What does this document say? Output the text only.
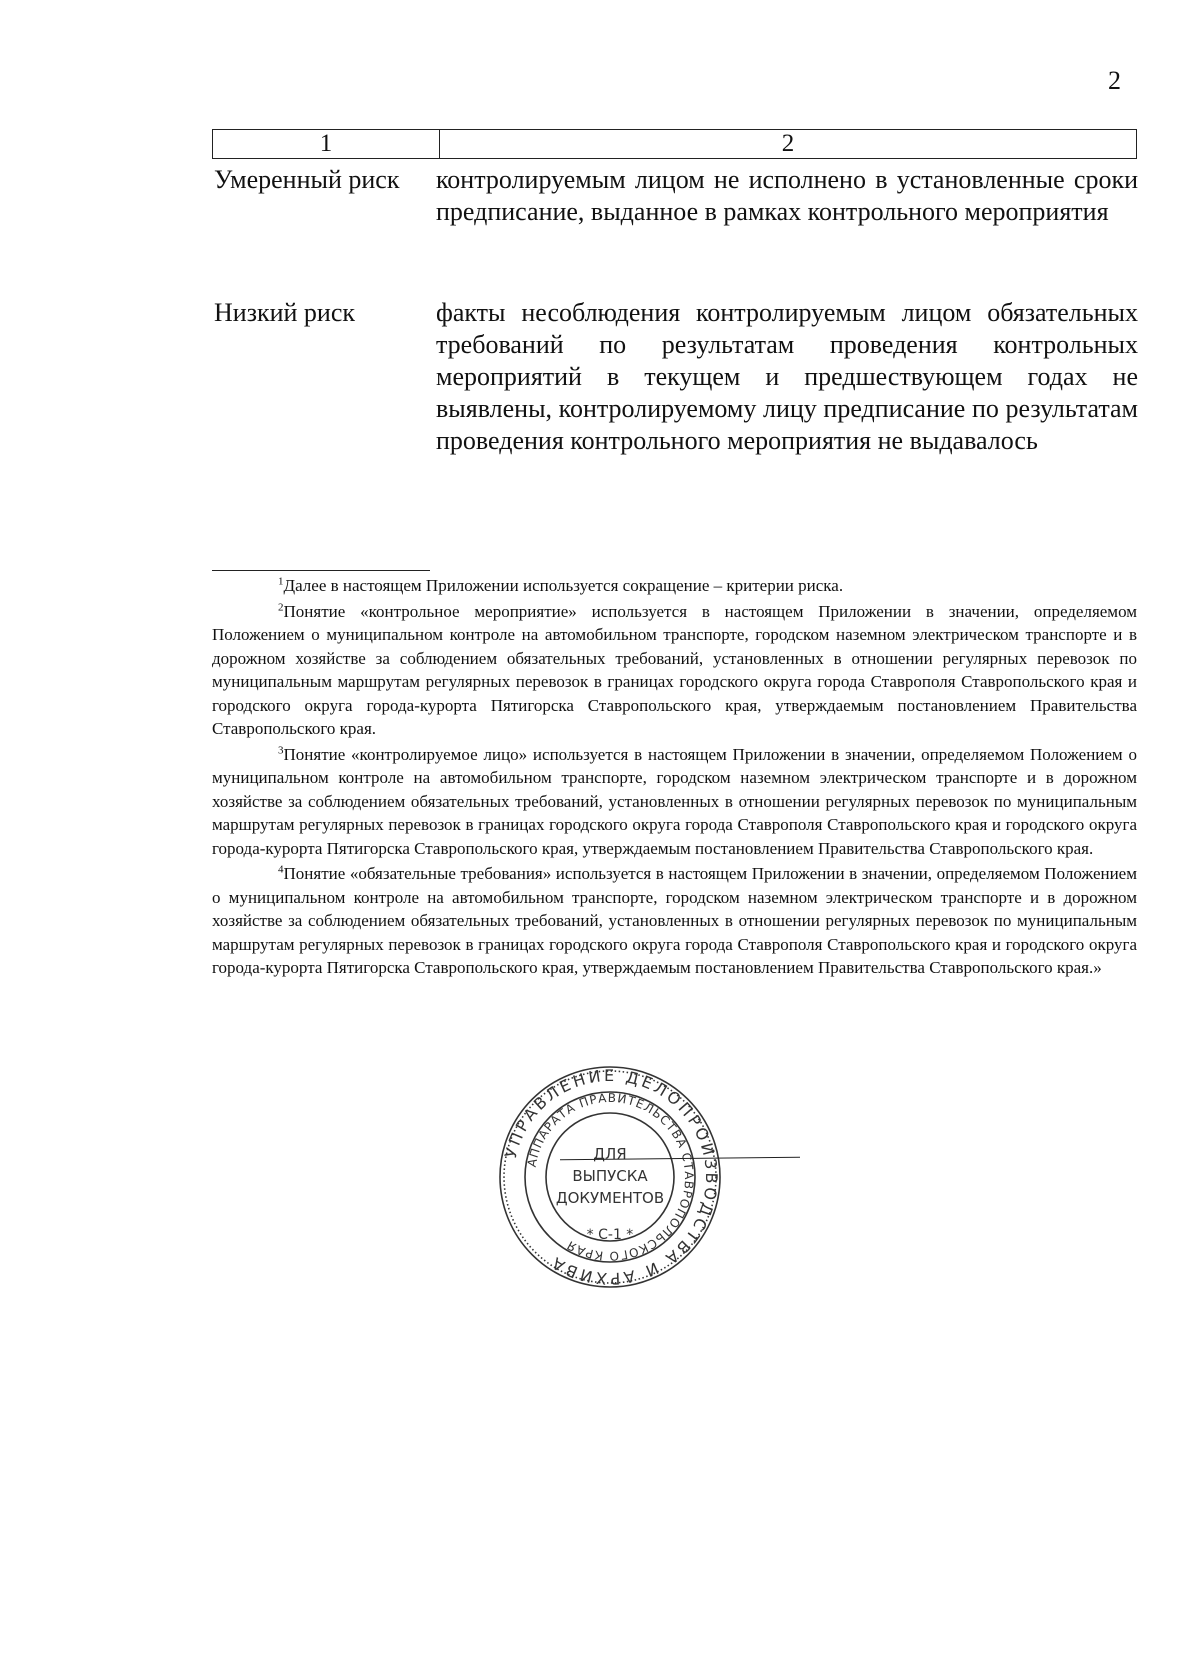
2
1	2
Умеренный риск	контролируемым лицом не исполнено в установленные сроки предписание, выданное в рамках контрольного мероприятия
Низкий риск	факты несоблюдения контролируемым лицом обязательных требований по результатам проведения контрольных мероприятий в текущем и предшествующем годах не выявлены, контролируемому лицу предписание по результатам проведения контрольного мероприятия не выдавалось

$^1$Далее в настоящем Приложении используется сокращение – критерии риска.

$^2$Понятие «контрольное мероприятие» используется в настоящем Приложении в значении, определяемом Положением о муниципальном контроле на автомобильном транспорте, городском наземном электрическом транспорте и в дорожном хозяйстве за соблюдением обязательных требований, установленных в отношении регулярных перевозок по муниципальным маршрутам регулярных перевозок в границах городского округа города Ставрополя Ставропольского края и городского округа города-курорта Пятигорска Ставропольского края, утверждаемым постановлением Правительства Ставропольского края.

$^3$Понятие «контролируемое лицо» используется в настоящем Приложении в значении, определяемом Положением о муниципальном контроле на автомобильном транспорте, городском наземном электрическом транспорте и в дорожном хозяйстве за соблюдением обязательных требований, установленных в отношении регулярных перевозок по муниципальным маршрутам регулярных перевозок в границах городского округа города Ставрополя Ставропольского края и городского округа города-курорта Пятигорска Ставропольского края, утверждаемым постановлением Правительства Ставропольского края.

$^4$Понятие «обязательные требования» используется в настоящем Приложении в значении, определяемом Положением о муниципальном контроле на автомобильном транспорте, городском наземном электрическом транспорте и в дорожном хозяйстве за соблюдением обязательных требований, установленных в отношении регулярных перевозок по муниципальным маршрутам регулярных перевозок в границах городского округа города Ставрополя Ставропольского края и городского округа города-курорта Пятигорска Ставропольского края, утверждаемым постановлением Правительства Ставропольского края.»

УПРАВЛЕНИЕ ДЕЛОПРОИЗВОДСТВА И АРХИВА
АППАРАТА ПРАВИТЕЛЬСТВА СТАВРОПОЛЬСКОГО КРАЯ
ДЛЯ
ВЫПУСКА
ДОКУМЕНТОВ
* С-1 *
